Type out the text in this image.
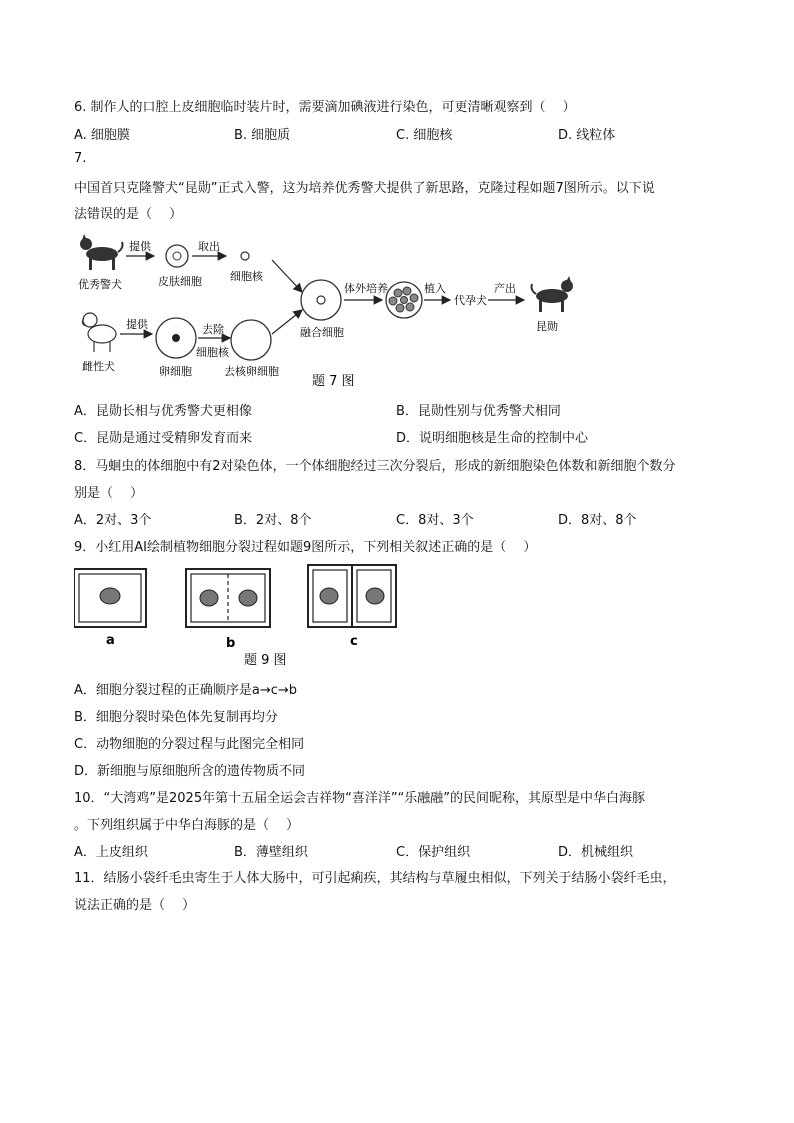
6. 制作人的口腔上皮细胞临时装片时，需要滴加碘液进行染色，可更清晰观察到（　 ）
A. 细胞膜	B. 细胞质	C. 细胞核	D. 线粒体
7.
中国首只克隆警犬“昆勋”正式入警，这为培养优秀警犬提供了新思路，克隆过程如题7图所示。以下说
法错误的是（　 ）
优秀警犬
提供
皮肤细胞
取出
细胞核
雌性犬
提供
卵细胞
去除
细胞核
去核卵细胞
融合细胞
体外培养	植入
代孕犬
产出
昆勋
题 7 图
A．昆勋长相与优秀警犬更相像	B．昆勋性别与优秀警犬相同
C．昆勋是通过受精卵发育而来	D．说明细胞核是生命的控制中心
8．马蛔虫的体细胞中有2对染色体，一个体细胞经过三次分裂后，形成的新细胞染色体数和新细胞个数分
别是（　 ）
A．2对、3个	B．2对、8个	C．8对、3个	D．8对、8个
9．小红用AI绘制植物细胞分裂过程如题9图所示，下列相关叙述正确的是（　 ）
a	b	c
题 9 图
A．细胞分裂过程的正确顺序是a→c→b
B．细胞分裂时染色体先复制再均分
C．动物细胞的分裂过程与此图完全相同
D．新细胞与原细胞所含的遗传物质不同
10．“大湾鸡”是2025年第十五届全运会吉祥物“喜洋洋”“乐融融”的民间昵称，其原型是中华白海豚
。下列组织属于中华白海豚的是（　 ）
A．上皮组织	B．薄壁组织	C．保护组织	D．机械组织
11．结肠小袋纤毛虫寄生于人体大肠中，可引起痢疾，其结构与草履虫相似，下列关于结肠小袋纤毛虫，
说法正确的是（　 ）
